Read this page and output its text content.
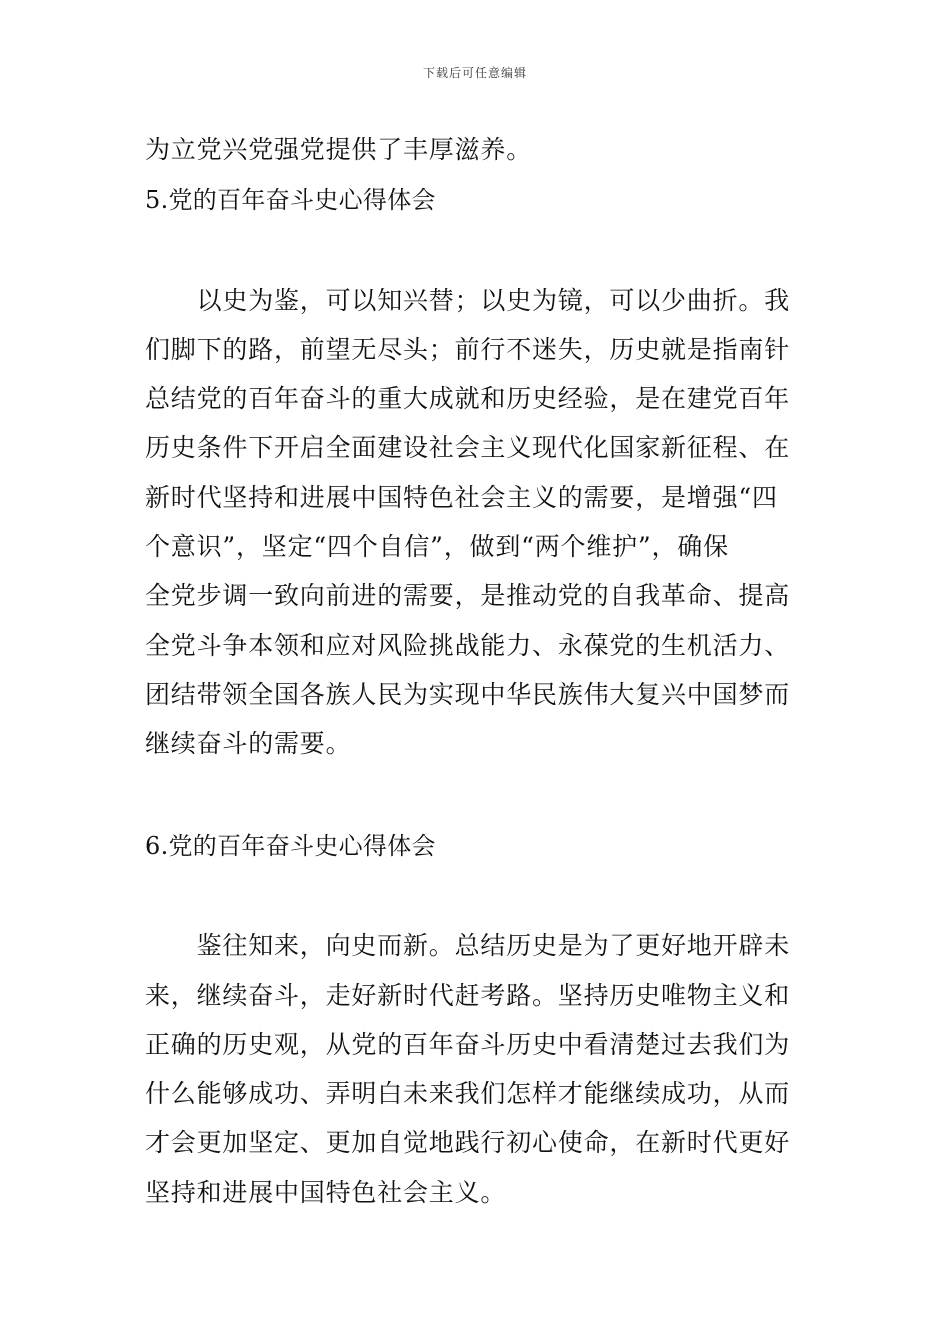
下载后可任意编辑

为立党兴党强党提供了丰厚滋养。

5.党的百年奋斗史心得体会

　　以史为鉴，可以知兴替；以史为镜，可以少曲折。我

们脚下的路，前望无尽头；前行不迷失，历史就是指南针

总结党的百年奋斗的重大成就和历史经验，是在建党百年

历史条件下开启全面建设社会主义现代化国家新征程、在

新时代坚持和进展中国特色社会主义的需要，是增强“四

个意识”，坚定“四个自信”，做到“两个维护”，确保

全党步调一致向前进的需要，是推动党的自我革命、提高

全党斗争本领和应对风险挑战能力、永葆党的生机活力、

团结带领全国各族人民为实现中华民族伟大复兴中国梦而

继续奋斗的需要。

6.党的百年奋斗史心得体会

　　鉴往知来，向史而新。总结历史是为了更好地开辟未

来，继续奋斗，走好新时代赶考路。坚持历史唯物主义和

正确的历史观，从党的百年奋斗历史中看清楚过去我们为

什么能够成功、弄明白未来我们怎样才能继续成功，从而

才会更加坚定、更加自觉地践行初心使命，在新时代更好

坚持和进展中国特色社会主义。
